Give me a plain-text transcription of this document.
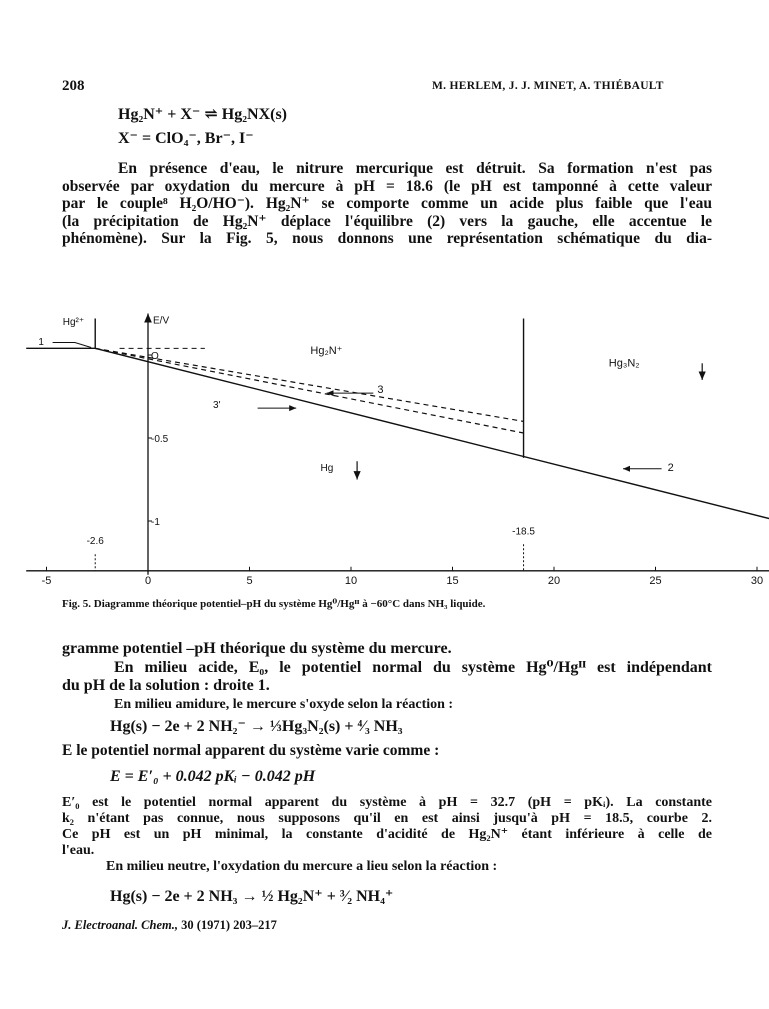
208	M. HERLEM, J. J. MINET, A. THIÉBAULT
Hg₂N⁺ + X⁻ ⇌ Hg₂NX(s)
X⁻ = ClO₄⁻, Br⁻, I⁻
En présence d'eau, le nitrure mercurique est détruit. Sa formation n'est pas
observée par oxydation du mercure à pH = 18.6 (le pH est tamponné à cette valeur
par le couple⁸ H₂O/HO⁻). Hg₂N⁺ se comporte comme un acide plus faible que l'eau
(la précipitation de Hg₂N⁺ déplace l'équilibre (2) vers la gauche, elle accentue le
phénomène). Sur la Fig. 5, nous donnons une représentation schématique du dia-
-5	0	5	10	15	20	25	30
E/V
O
-0.5
-1
-2.6
-18.5
1
2
3
3'
Hg²⁺
Hg₂N⁺
Hg₃N₂
Hg
Fig. 5. Diagramme théorique potentiel–pH du système Hg⁰/Hgᴵᴵ à −60°C dans NH₃ liquide.
gramme potentiel –pH théorique du système du mercure.
En milieu acide, E₀, le potentiel normal du système Hg⁰/Hgᴵᴵ est indépendant
du pH de la solution : droite 1.
En milieu amidure, le mercure s'oxyde selon la réaction :
Hg(s) − 2e + 2 NH₂⁻ → ⅓Hg₃N₂(s) + ⁴⁄₃ NH₃
E le potentiel normal apparent du système varie comme :
E = E′₀ + 0.042 pKᵢ − 0.042 pH
E′₀ est le potentiel normal apparent du système à pH = 32.7 (pH = pKᵢ). La constante
k₂ n'étant pas connue, nous supposons qu'il en est ainsi jusqu'à pH = 18.5, courbe 2.
Ce pH est un pH minimal, la constante d'acidité de Hg₂N⁺ étant inférieure à celle de
l'eau.
En milieu neutre, l'oxydation du mercure a lieu selon la réaction :
Hg(s) − 2e + 2 NH₃ → ½ Hg₂N⁺ + ³⁄₂ NH₄⁺
J. Electroanal. Chem., 30 (1971) 203–217
